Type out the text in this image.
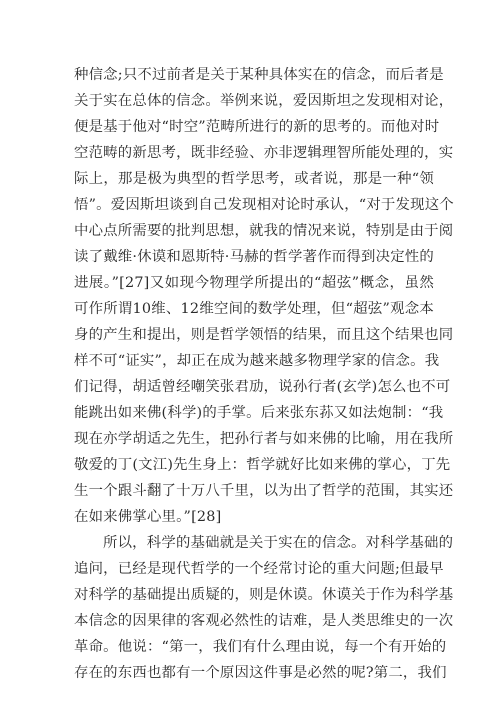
种信念;只不过前者是关于某种具体实在的信念，而后者是
关于实在总体的信念。举例来说，爱因斯坦之发现相对论，
便是基于他对“时空”范畴所进行的新的思考的。而他对时
空范畴的新思考，既非经验、亦非逻辑理智所能处理的，实
际上，那是极为典型的哲学思考，或者说，那是一种“领
悟”。爱因斯坦谈到自己发现相对论时承认，“对于发现这个
中心点所需要的批判思想，就我的情况来说，特别是由于阅
读了戴维·休谟和恩斯特·马赫的哲学著作而得到决定性的
进展。”[27]又如现今物理学所提出的“超弦”概念，虽然
可作所谓10维、12维空间的数学处理，但“超弦”观念本
身的产生和提出，则是哲学领悟的结果，而且这个结果也同
样不可“证实”，却正在成为越来越多物理学家的信念。我
们记得，胡适曾经嘲笑张君劢，说孙行者(玄学)怎么也不可
能跳出如来佛(科学)的手掌。后来张东荪又如法炮制：“我
现在亦学胡适之先生，把孙行者与如来佛的比喻，用在我所
敬爱的丁(文江)先生身上：哲学就好比如来佛的掌心，丁先
生一个跟斗翻了十万八千里，以为出了哲学的范围，其实还
在如来佛掌心里。”[28]
所以，科学的基础就是关于实在的信念。对科学基础的
追问，已经是现代哲学的一个经常讨论的重大问题;但最早
对科学的基础提出质疑的，则是休谟。休谟关于作为科学基
本信念的因果律的客观必然性的诘难，是人类思维史的一次
革命。他说：“第一，我们有什么理由说，每一个有开始的
存在的东西也都有一个原因这件事是必然的呢?第二，我们
